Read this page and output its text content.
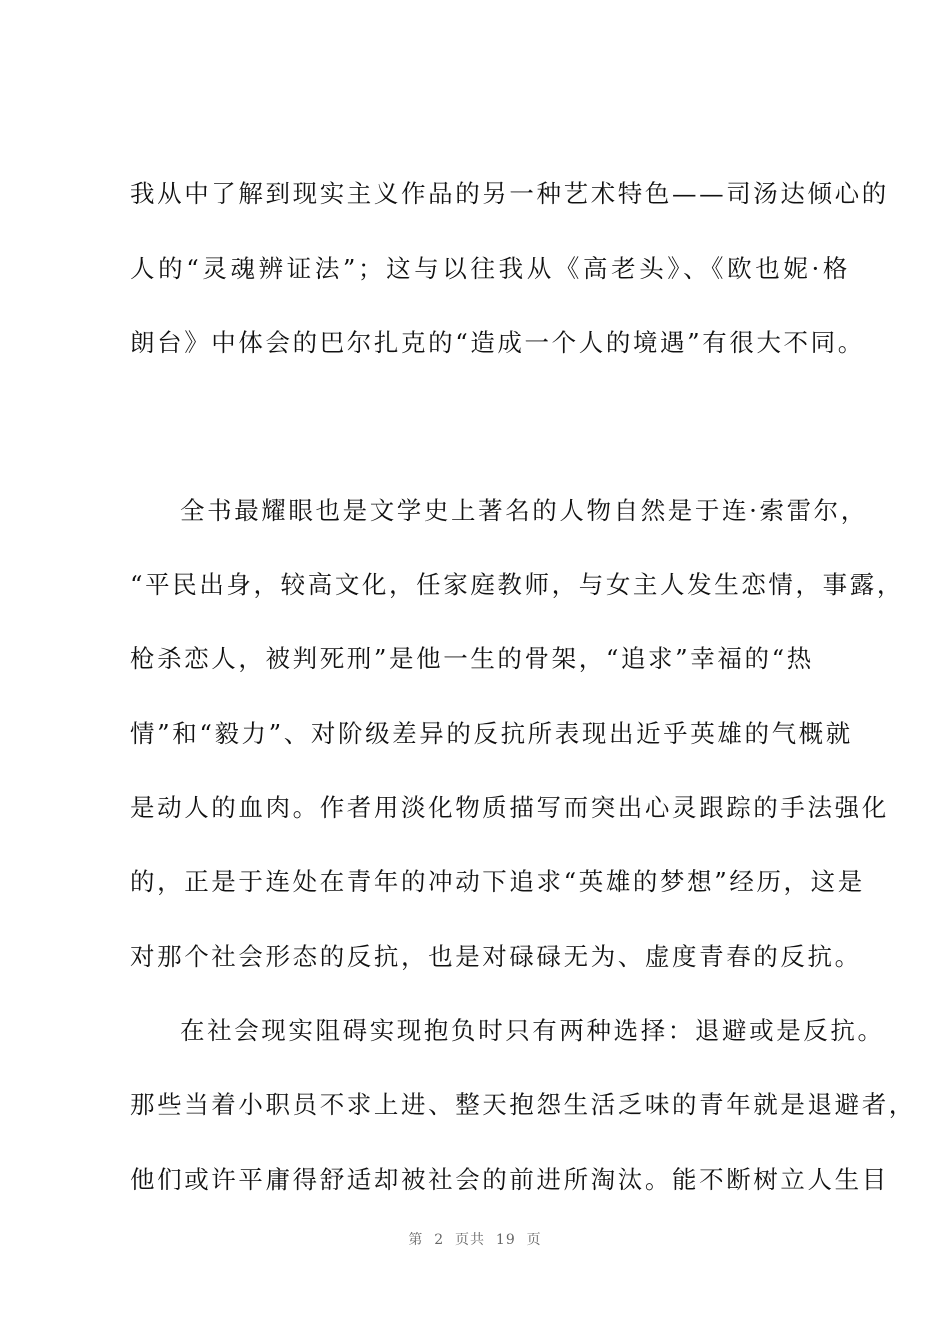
我从中了解到现实主义作品的另一种艺术特色——司汤达倾心的
人的“灵魂辨证法”；这与以往我从《高老头》、《欧也妮·格
朗台》中体会的巴尔扎克的“造成一个人的境遇”有很大不同。
全书最耀眼也是文学史上著名的人物自然是于连·索雷尔，
“平民出身，较高文化，任家庭教师，与女主人发生恋情，事露，
枪杀恋人，被判死刑”是他一生的骨架，“追求”幸福的“热
情”和“毅力”、对阶级差异的反抗所表现出近乎英雄的气概就
是动人的血肉。作者用淡化物质描写而突出心灵跟踪的手法强化
的，正是于连处在青年的冲动下追求“英雄的梦想”经历，这是
对那个社会形态的反抗，也是对碌碌无为、虚度青春的反抗。
在社会现实阻碍实现抱负时只有两种选择：退避或是反抗。
那些当着小职员不求上进、整天抱怨生活乏味的青年就是退避者，
他们或许平庸得舒适却被社会的前进所淘汰。能不断树立人生目
第  2  页共  19  页
